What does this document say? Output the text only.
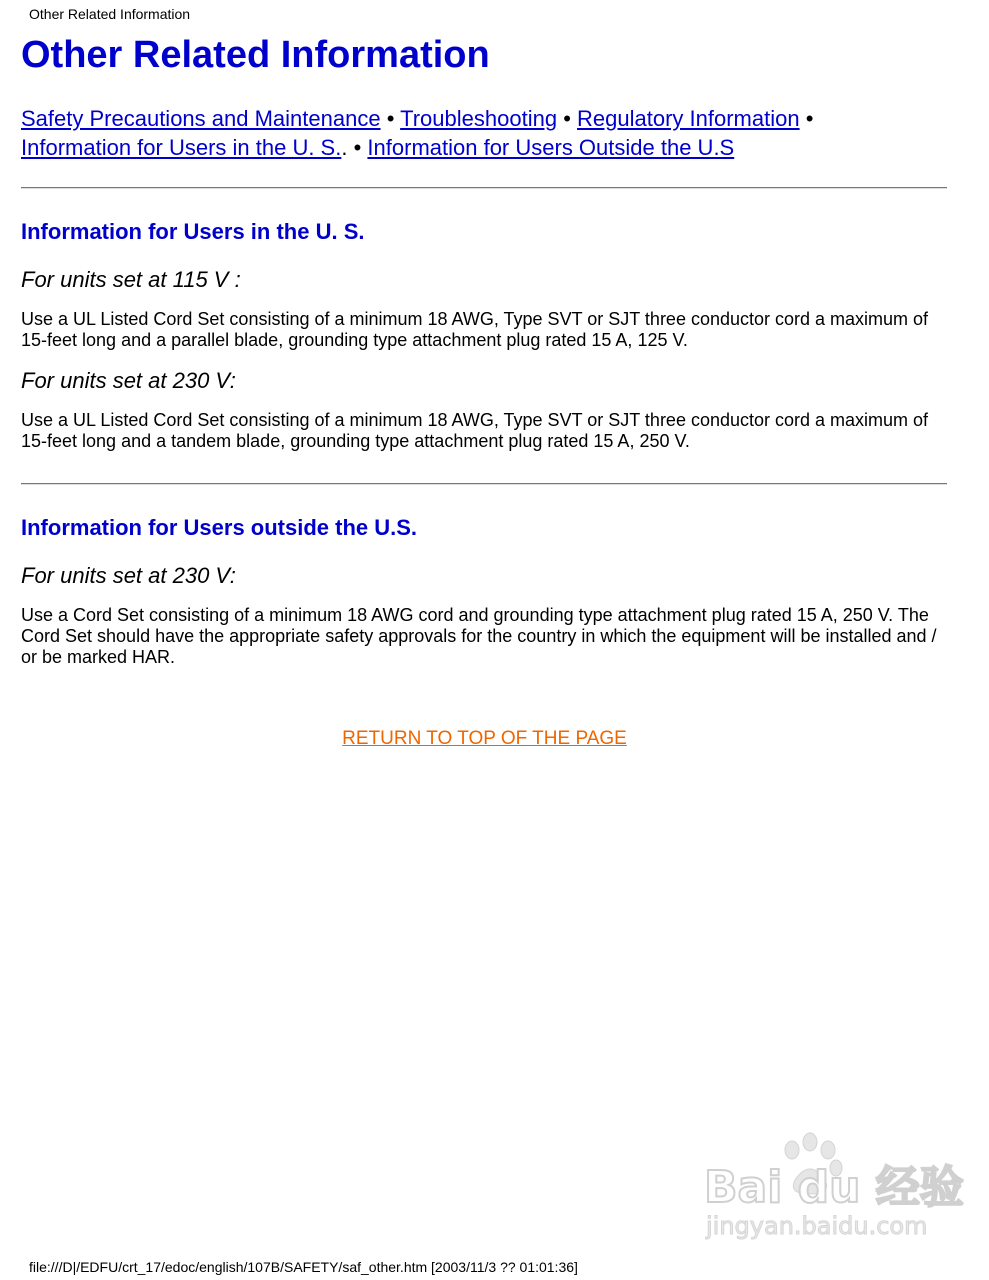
Other Related Information
Other Related Information
Safety Precautions and Maintenance • Troubleshooting • Regulatory Information •
Information for Users in the U. S.. • Information for Users Outside the U.S
Information for Users in the U. S.
For units set at 115 V :

Use a UL Listed Cord Set consisting of a minimum 18 AWG, Type SVT or SJT three conductor cord a maximum of 15-feet long and a parallel blade, grounding type attachment plug rated 15 A, 125 V.

For units set at 230 V:

Use a UL Listed Cord Set consisting of a minimum 18 AWG, Type SVT or SJT three conductor cord a maximum of 15-feet long and a tandem blade, grounding type attachment plug rated 15 A, 250 V.

Information for Users outside the U.S.
For units set at 230 V:

Use a Cord Set consisting of a minimum 18 AWG cord and grounding type attachment plug rated 15 A, 250 V. The Cord Set should have the appropriate safety approvals for the country in which the equipment will be installed and / or be marked HAR.

RETURN TO TOP OF THE PAGE
Bai du 经验
jingyan.baidu.com
file:///D|/EDFU/crt_17/edoc/english/107B/SAFETY/saf_other.htm [2003/11/3 ?? 01:01:36]
